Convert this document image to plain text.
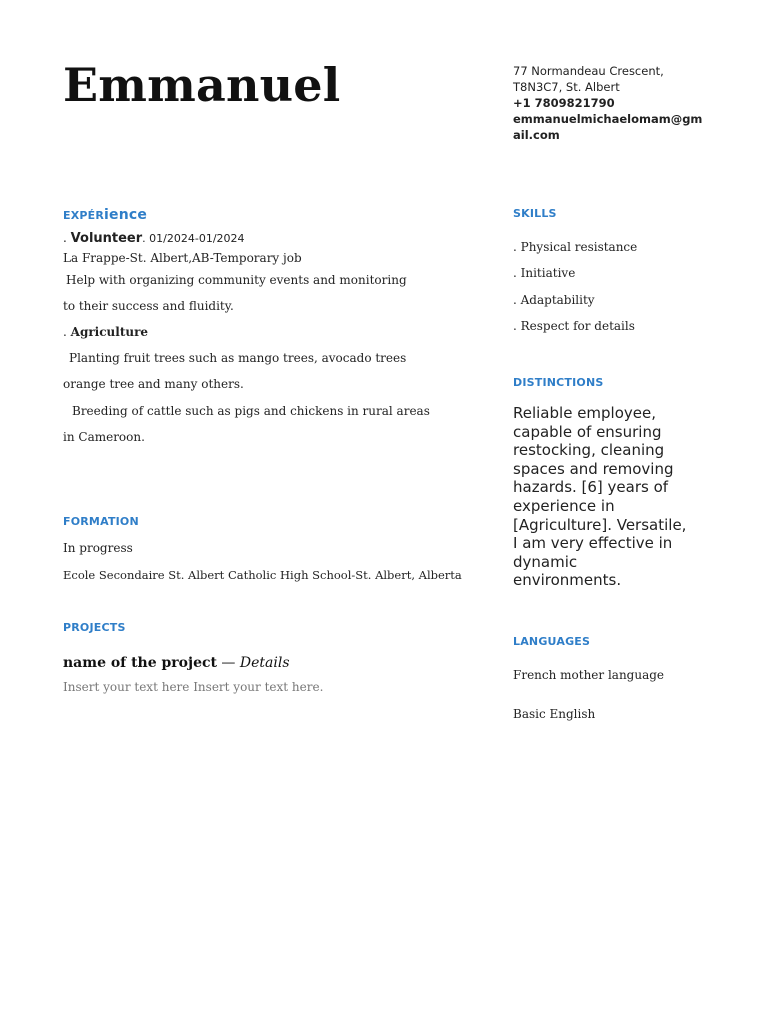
Emmanuel	77 Normandeau Crescent,
T8N3C7, St. Albert
+1 7809821790
emmanuelmichaelomam@gmail.com
EXPÉRience
. Volunteer. 01/2024-01/2024
La Frappe-St. Albert,AB-Temporary job
Help with organizing community events and monitoring
to their success and fluidity.
. Agriculture
Planting fruit trees such as mango trees, avocado trees
orange tree and many others.
Breeding of cattle such as pigs and chickens in rural areas
in Cameroon.
FORMATION
In progress
Ecole Secondaire St. Albert Catholic High School-St. Albert, Alberta
PROJECTS
name of the project — Details
Insert your text here Insert your text here.
SKILLS
. Physical resistance
. Initiative
. Adaptability
. Respect for details
DISTINCTIONS
Reliable employee, capable of ensuring restocking, cleaning spaces and removing hazards. [6] years of experience in [Agriculture]. Versatile, I am very effective in dynamic environments.
LANGUAGES
French mother language
Basic English
